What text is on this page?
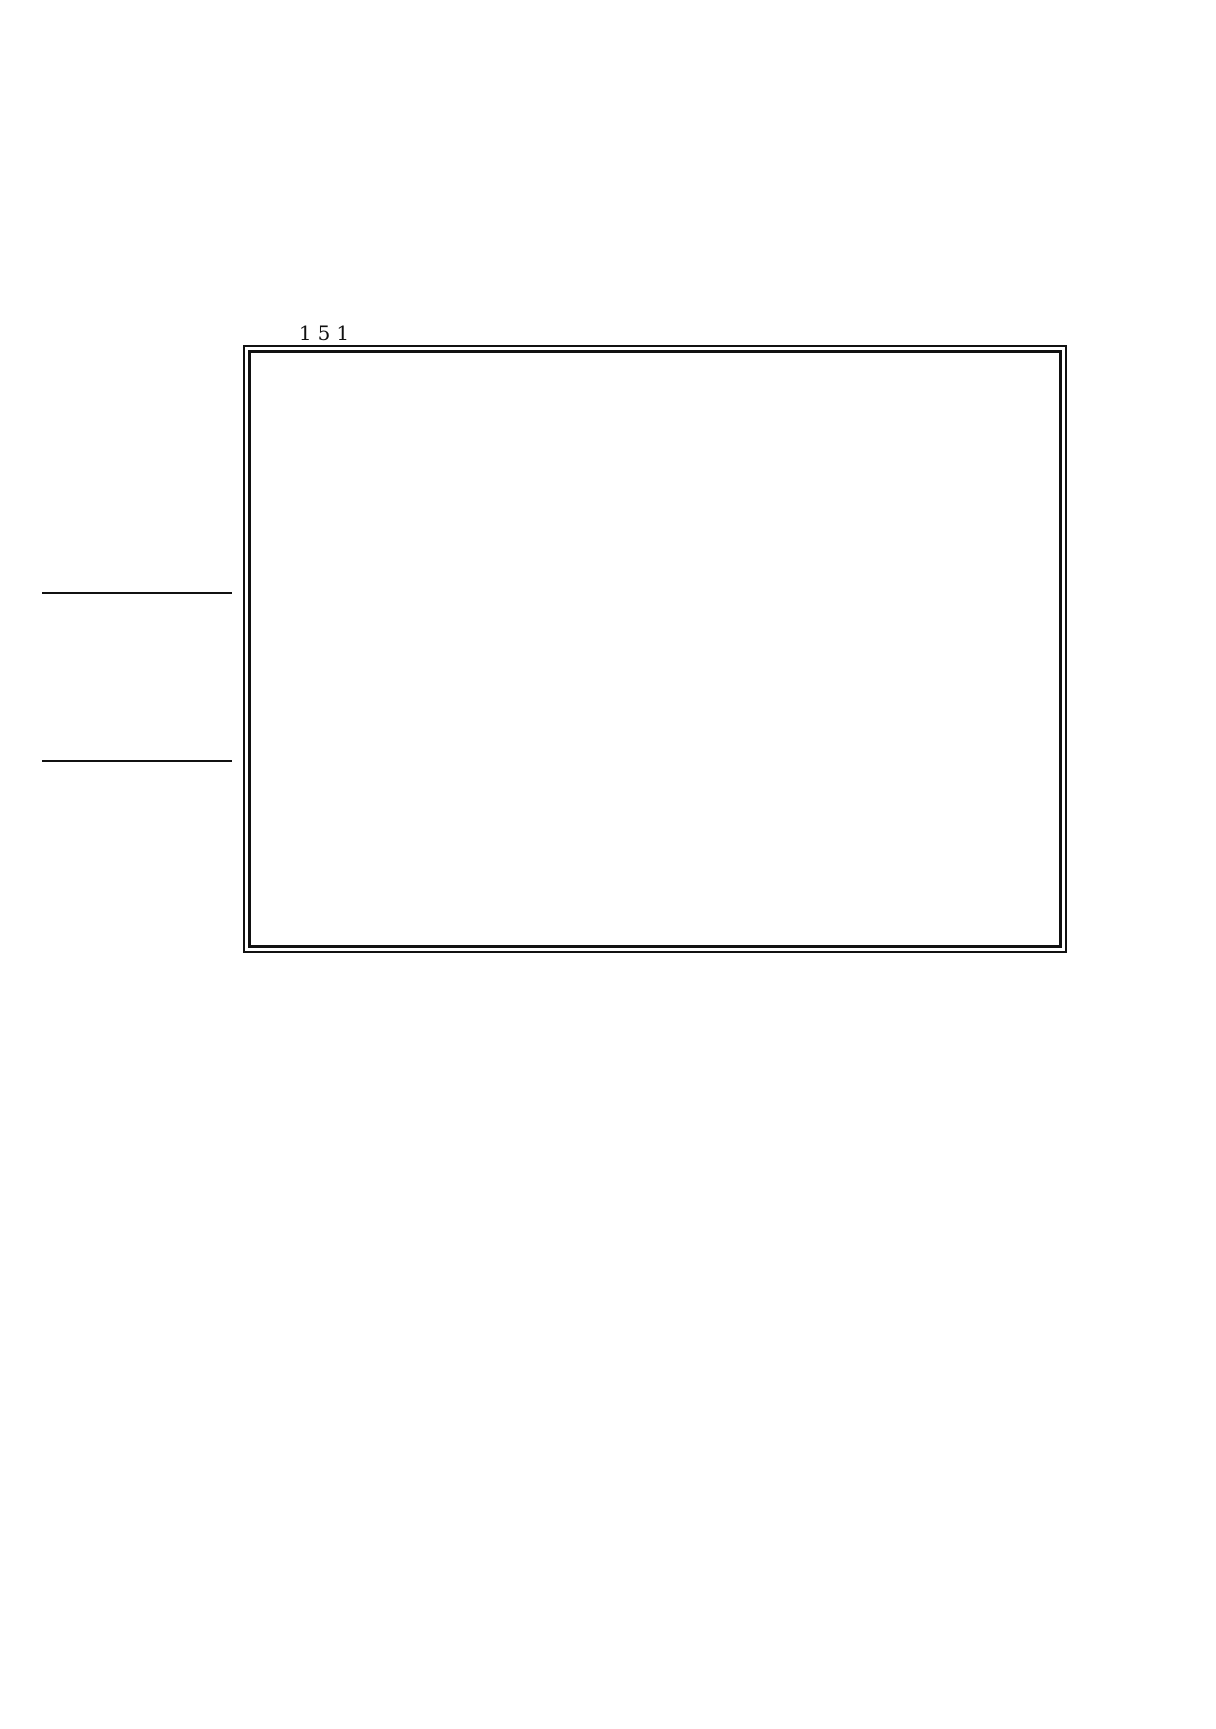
151
